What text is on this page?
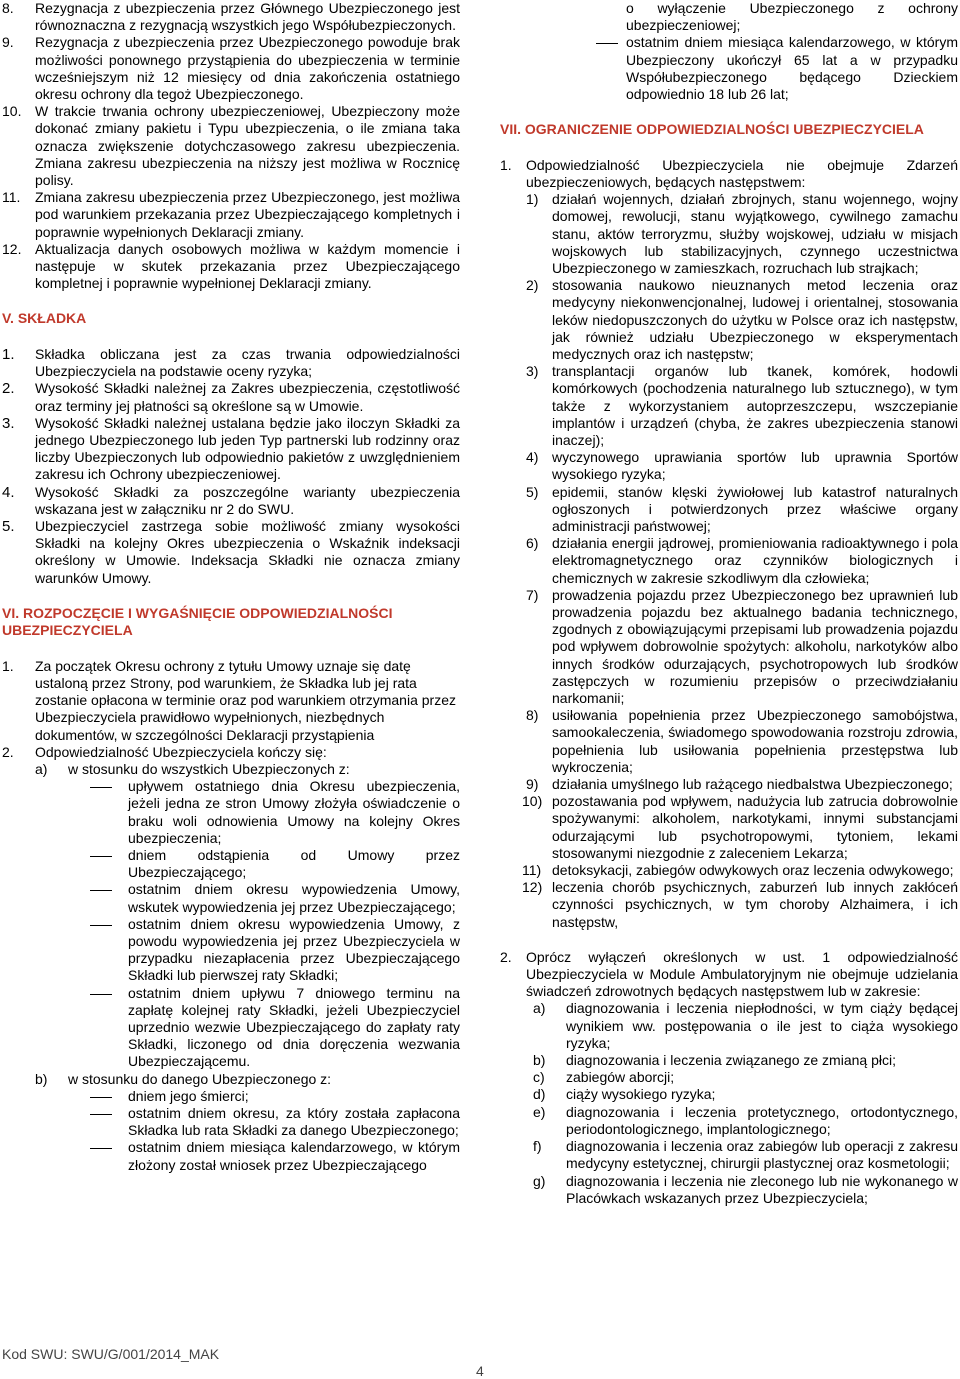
8. Rezygnacja z ubezpieczenia przez Głównego Ubezpieczonego jest równoznaczna z rezygnacją wszystkich jego Współubezpieczonych.

9. Rezygnacja z ubezpieczenia przez Ubezpieczonego powoduje brak możliwości ponownego przystąpienia do ubezpieczenia w terminie wcześniejszym niż 12 miesięcy od dnia zakończenia ostatniego okresu ochrony dla tegoż Ubezpieczonego.

10. W trakcie trwania ochrony ubezpieczeniowej, Ubezpieczony może dokonać zmiany pakietu i Typu ubezpieczenia, o ile zmiana taka oznacza zwiększenie dotychczasowego zakresu ubezpieczenia. Zmiana zakresu ubezpieczenia na niższy jest możliwa w Rocznicę polisy.

11. Zmiana zakresu ubezpieczenia przez Ubezpieczonego, jest możliwa pod warunkiem przekazania przez Ubezpieczającego kompletnych i poprawnie wypełnionych Deklaracji zmiany.

12. Aktualizacja danych osobowych możliwa w każdym momencie i następuje w skutek przekazania przez Ubezpieczającego kompletnej i poprawnie wypełnionej Deklaracji zmiany.

V. SKŁADKA

1. Składka obliczana jest za czas trwania odpowiedzialności Ubezpieczyciela na podstawie oceny ryzyka;

2. Wysokość Składki należnej za Zakres ubezpieczenia, częstotliwość oraz terminy jej płatności są określone są w Umowie.

3. Wysokość Składki należnej ustalana będzie jako iloczyn Składki za jednego Ubezpieczonego lub jeden Typ partnerski lub rodzinny oraz liczby Ubezpieczonych lub odpowiednio pakietów z uwzględnieniem zakresu ich Ochrony ubezpieczeniowej.

4. Wysokość Składki za poszczególne warianty ubezpieczenia wskazana jest w załączniku nr 2 do SWU.

5. Ubezpieczyciel zastrzega sobie możliwość zmiany wysokości Składki na kolejny Okres ubezpieczenia o Wskaźnik indeksacji określony w Umowie. Indeksacja Składki nie oznacza zmiany warunków Umowy.

VI. ROZPOCZĘCIE I WYGAŚNIĘCIE ODPOWIEDZIALNOŚCI UBEZPIECZYCIELA

1. Za początek Okresu ochrony z tytułu Umowy uznaje się datę ustaloną przez Strony, pod warunkiem, że Składka lub jej rata zostanie opłacona w terminie oraz pod warunkiem otrzymania przez Ubezpieczyciela prawidłowo wypełnionych, niezbędnych dokumentów, w szczególności Deklaracji przystąpienia

2. Odpowiedzialność Ubezpieczyciela kończy się:

a) w stosunku do wszystkich Ubezpieczonych z:

upływem ostatniego dnia Okresu ubezpieczenia, jeżeli jedna ze stron Umowy złożyła oświadczenie o braku woli odnowienia Umowy na kolejny Okres ubezpieczenia;

dniem odstąpienia od Umowy przez Ubezpieczającego;

ostatnim dniem okresu wypowiedzenia Umowy, wskutek wypowiedzenia jej przez Ubezpieczającego;

ostatnim dniem okresu wypowiedzenia Umowy, z powodu wypowiedzenia jej przez Ubezpieczyciela w przypadku niezapłacenia przez Ubezpieczającego Składki lub pierwszej raty Składki;

ostatnim dniem upływu 7 dniowego terminu na zapłatę kolejnej raty Składki, jeżeli Ubezpieczyciel uprzednio wezwie Ubezpieczającego do zapłaty raty Składki, liczonego od dnia doręczenia wezwania Ubezpieczającemu.

b) w stosunku do danego Ubezpieczonego z:

dniem jego śmierci;

ostatnim dniem okresu, za który została zapłacona Składka lub rata Składki za danego Ubezpieczonego;

ostatnim dniem miesiąca kalendarzowego, w którym złożony został wniosek przez Ubezpieczającego

o wyłączenie Ubezpieczonego z ochrony ubezpieczeniowej;

ostatnim dniem miesiąca kalendarzowego, w którym Ubezpieczony ukończył 65 lat a w przypadku Współubezpieczonego będącego Dzieckiem odpowiednio 18 lub 26 lat;

VII. OGRANICZENIE ODPOWIEDZIALNOŚCI UBEZPIECZYCIELA

1. Odpowiedzialność Ubezpieczyciela nie obejmuje Zdarzeń ubezpieczeniowych, będących następstwem:

1) działań wojennych, działań zbrojnych, stanu wojennego, wojny domowej, rewolucji, stanu wyjątkowego, cywilnego zamachu stanu, aktów terroryzmu, służby wojskowej, udziału w misjach wojskowych lub stabilizacyjnych, czynnego uczestnictwa Ubezpieczonego w zamieszkach, rozruchach lub strajkach;

2) stosowania naukowo nieuznanych metod leczenia oraz medycyny niekonwencjonalnej, ludowej i orientalnej, stosowania leków niedopuszczonych do użytku w Polsce oraz ich następstw, jak również udziału Ubezpieczonego w eksperymentach medycznych oraz ich następstw;

3) transplantacji organów lub tkanek, komórek, hodowli komórkowych (pochodzenia naturalnego lub sztucznego), w tym także z wykorzystaniem autoprzeszczepu, wszczepianie implantów i urządzeń (chyba, że zakres ubezpieczenia stanowi inaczej);

4) wyczynowego uprawiania sportów lub uprawnia Sportów wysokiego ryzyka;

5) epidemii, stanów klęski żywiołowej lub katastrof naturalnych ogłoszonych i potwierdzonych przez właściwe organy administracji państwowej;

6) działania energii jądrowej, promieniowania radioaktywnego i pola elektromagnetycznego oraz czynników biologicznych i chemicznych w zakresie szkodliwym dla człowieka;

7) prowadzenia pojazdu przez Ubezpieczonego bez uprawnień lub prowadzenia pojazdu bez aktualnego badania technicznego, zgodnych z obowiązującymi przepisami lub prowadzenia pojazdu pod wpływem dobrowolnie spożytych: alkoholu, narkotyków albo innych środków odurzających, psychotropowych lub środków zastępczych w rozumieniu przepisów o przeciwdziałaniu narkomanii;

8) usiłowania popełnienia przez Ubezpieczonego samobójstwa, samookaleczenia, świadomego spowodowania rozstroju zdrowia, popełnienia lub usiłowania popełnienia przestępstwa lub wykroczenia;

9) działania umyślnego lub rażącego niedbalstwa Ubezpieczonego;

10) pozostawania pod wpływem, nadużycia lub zatrucia dobrowolnie spożywanymi: alkoholem, narkotykami, innymi substancjami odurzającymi lub psychotropowymi, tytoniem, lekami stosowanymi niezgodnie z zaleceniem Lekarza;

11) detoksykacji, zabiegów odwykowych oraz leczenia odwykowego;

12) leczenia chorób psychicznych, zaburzeń lub innych zakłóceń czynności psychicznych, w tym choroby Alzhaimera, i ich następstw,

2. Oprócz wyłączeń określonych w ust. 1 odpowiedzialność Ubezpieczyciela w Module Ambulatoryjnym nie obejmuje udzielania świadczeń zdrowotnych będących następstwem lub w zakresie:

a) diagnozowania i leczenia niepłodności, w tym ciąży będącej wynikiem ww. postępowania o ile jest to ciąża wysokiego ryzyka;

b) diagnozowania i leczenia związanego ze zmianą płci;

c) zabiegów aborcji;

d) ciąży wysokiego ryzyka;

e) diagnozowania i leczenia protetycznego, ortodontycznego, periodontologicznego, implantologicznego;

f) diagnozowania i leczenia oraz zabiegów lub operacji z zakresu medycyny estetycznej, chirurgii plastycznej oraz kosmetologii;

g) diagnozowania i leczenia nie zleconego lub nie wykonanego w Placówkach wskazanych przez Ubezpieczyciela;

Kod SWU: SWU/G/001/2014_MAK
4
